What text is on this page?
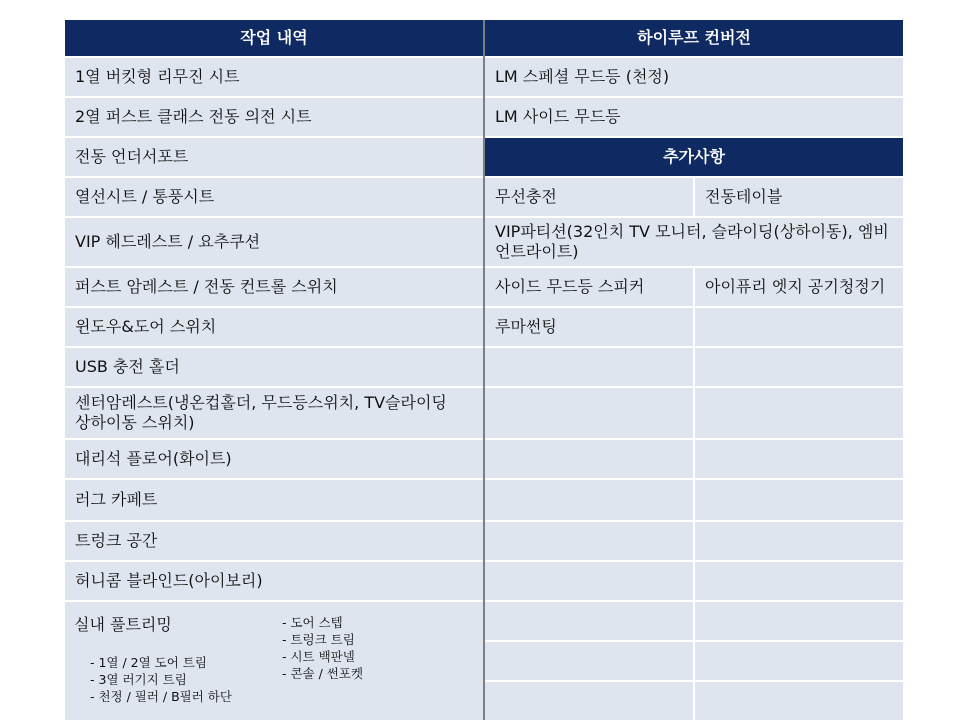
작업 내역
1열 버킷형 리무진 시트
2열 퍼스트 클래스 전동 의전 시트
전동 언더서포트
열선시트 / 통풍시트
VIP 헤드레스트 / 요추쿠션
퍼스트 암레스트 / 전동 컨트롤 스위치
윈도우&도어 스위치
USB 충전 홀더
센터암레스트(냉온컵홀더, 무드등스위치, TV슬라이딩 상하이동 스위치)
대리석 플로어(화이트)
러그 카페트
트렁크 공간
허니콤 블라인드(아이보리)
실내 풀트리밍
- 1열 / 2열 도어 트림
- 3열 러기지 트림
- 천정 / 필러 / B필러 하단
- 도어 스텝
- 트렁크 트림
- 시트 백판넬
- 콘솔 / 썬포켓
하이루프 컨버전
LM 스페셜 무드등 (천정)
LM 사이드 무드등
추가사항
무선충전	전동테이블
VIP파티션(32인치 TV 모니터, 슬라이딩(상하이동), 엠비언트라이트)
사이드 무드등 스피커	아이퓨리 엣지 공기청정기
루마썬팅
